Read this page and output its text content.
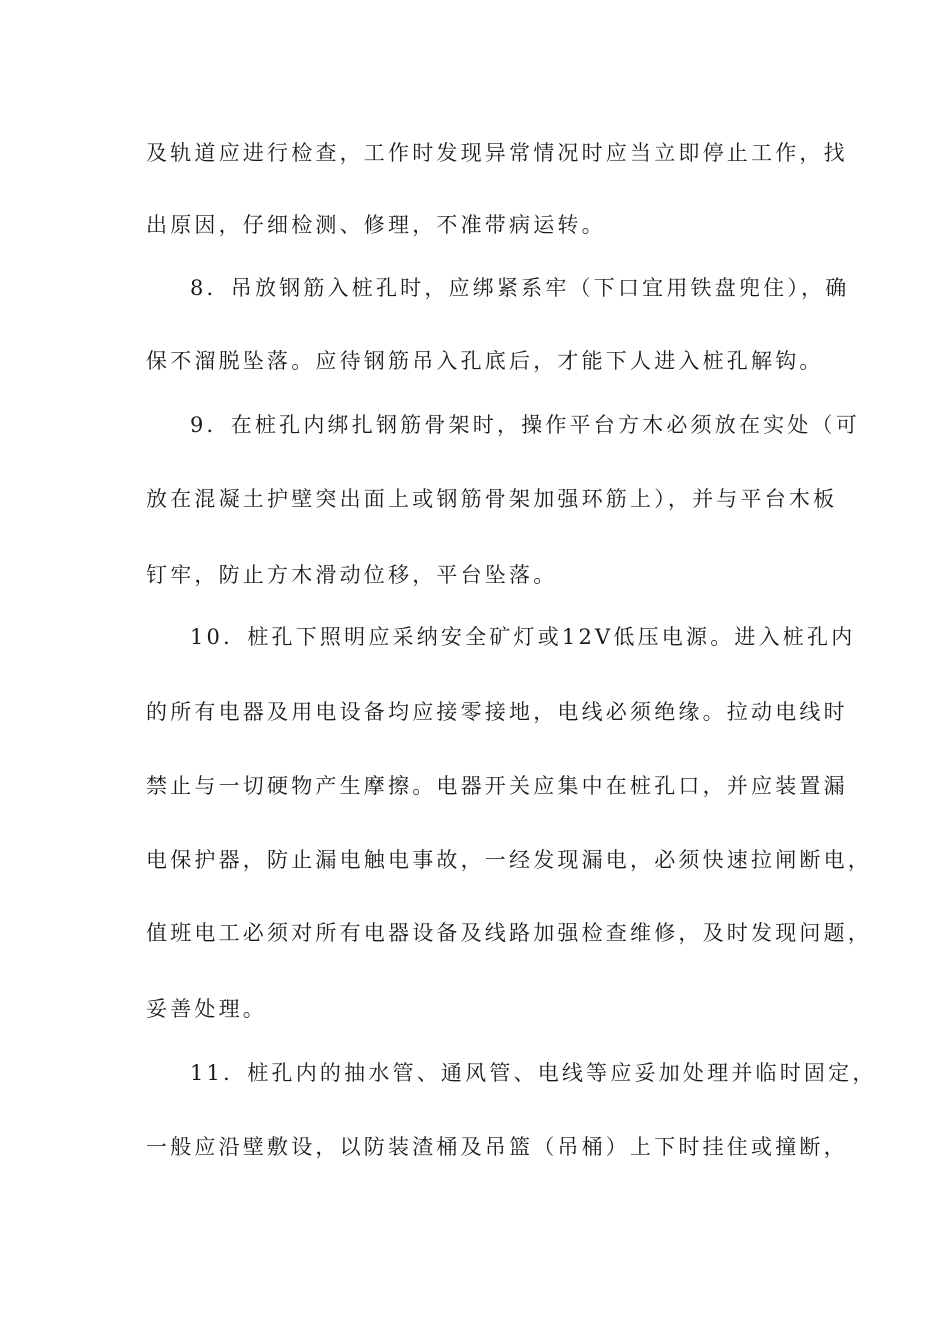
及轨道应进行检查，工作时发现异常情况时应当立即停止工作，找
出原因，仔细检测、修理，不准带病运转。
8．吊放钢筋入桩孔时，应绑紧系牢（下口宜用铁盘兜住），确
保不溜脱坠落。应待钢筋吊入孔底后，才能下人进入桩孔解钩。
9．在桩孔内绑扎钢筋骨架时，操作平台方木必须放在实处（可
放在混凝土护壁突出面上或钢筋骨架加强环筋上），并与平台木板
钉牢，防止方木滑动位移，平台坠落。
10．桩孔下照明应采纳安全矿灯或12V低压电源。进入桩孔内
的所有电器及用电设备均应接零接地，电线必须绝缘。拉动电线时
禁止与一切硬物产生摩擦。电器开关应集中在桩孔口，并应装置漏
电保护器，防止漏电触电事故，一经发现漏电，必须快速拉闸断电，
值班电工必须对所有电器设备及线路加强检查维修，及时发现问题，
妥善处理。
11．桩孔内的抽水管、通风管、电线等应妥加处理并临时固定，
一般应沿壁敷设，以防装渣桶及吊篮（吊桶）上下时挂住或撞断，
